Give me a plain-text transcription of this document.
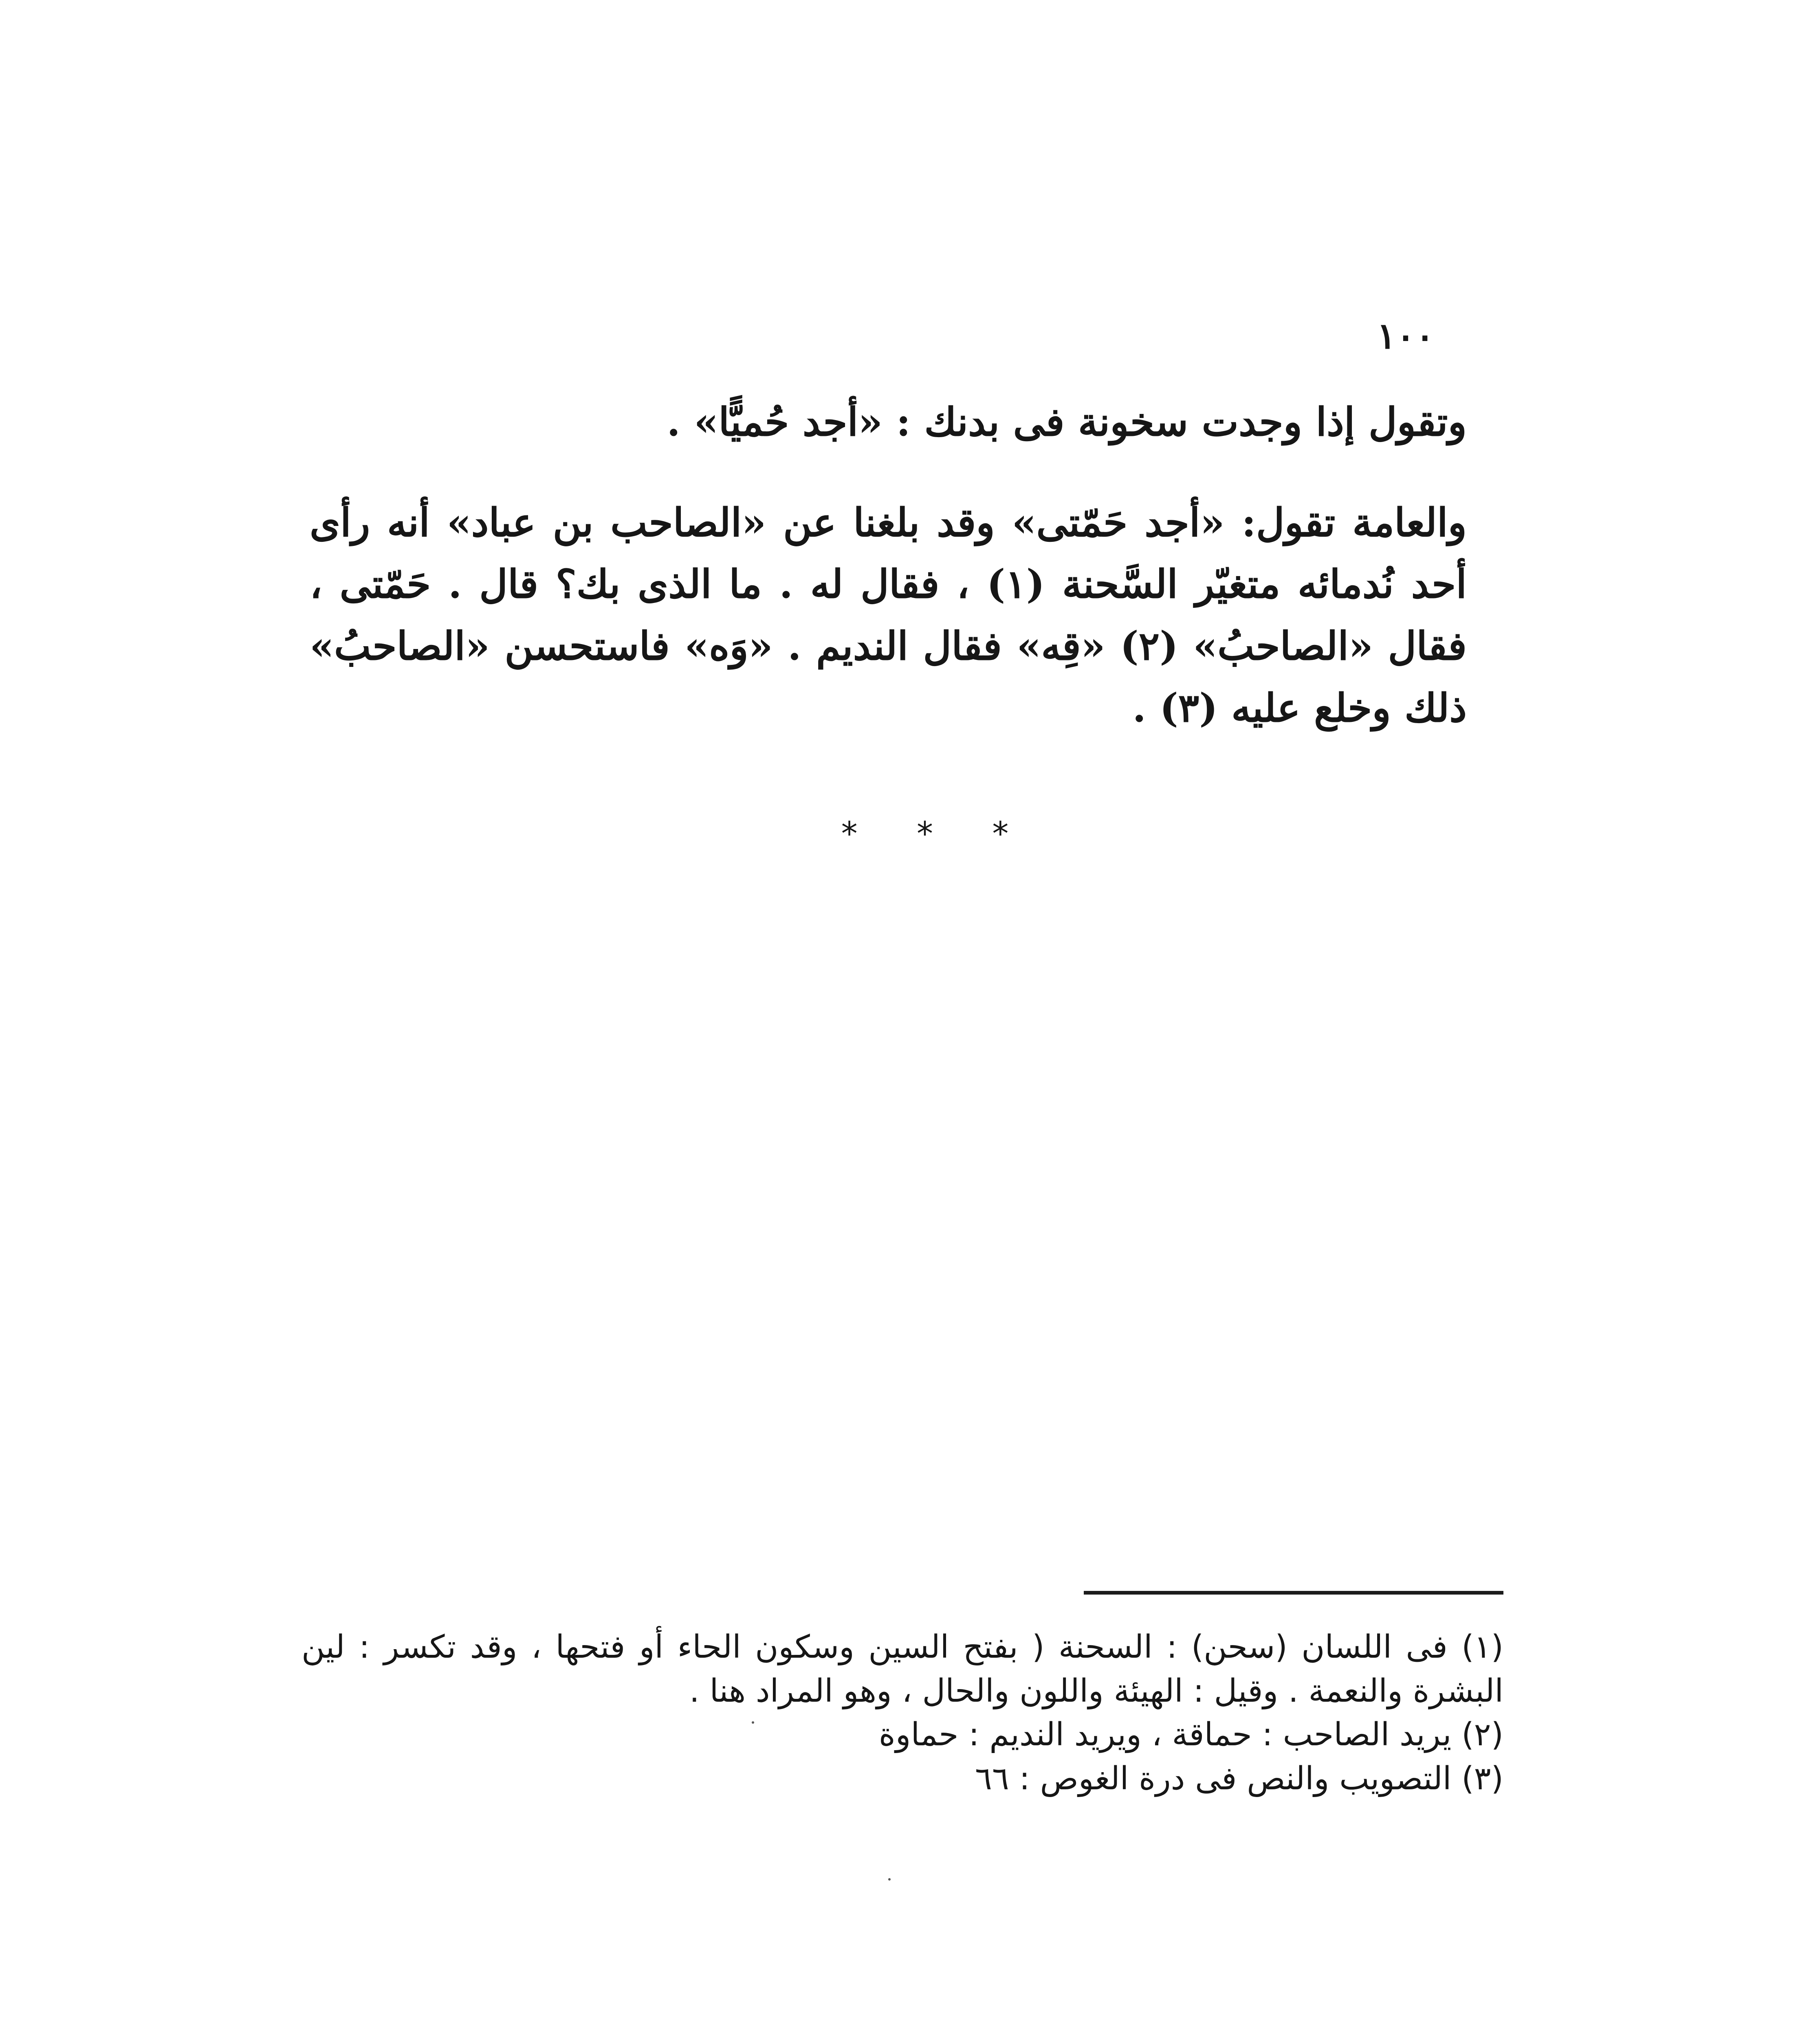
١٠٠

وتقول إذا وجدت سخونة فى بدنك : «أجد حُميًّا» .

والعامة تقول: «أجد حَمّتى» وقد بلغنا عن «الصاحب بن عباد» أنه رأى أحد نُدمائه متغيّر السَّحنة (١) ، فقال له . ما الذى بك؟ قال . حَمّتى ، فقال «الصاحبُ» (٢) «قِه» فقال النديم . «وَه» فاستحسن «الصاحبُ» ذلك وخلع عليه (٣) .

* * *

(١) فى اللسان (سحن) : السحنة ( بفتح السين وسكون الحاء أو فتحها ، وقد تكسر : لين البشرة والنعمة . وقيل : الهيئة واللون والحال ، وهو المراد هنا .

(٢) يريد الصاحب : حماقة ، ويريد النديم : حماوة

(٣) التصويب والنص فى درة الغوص : ٦٦
